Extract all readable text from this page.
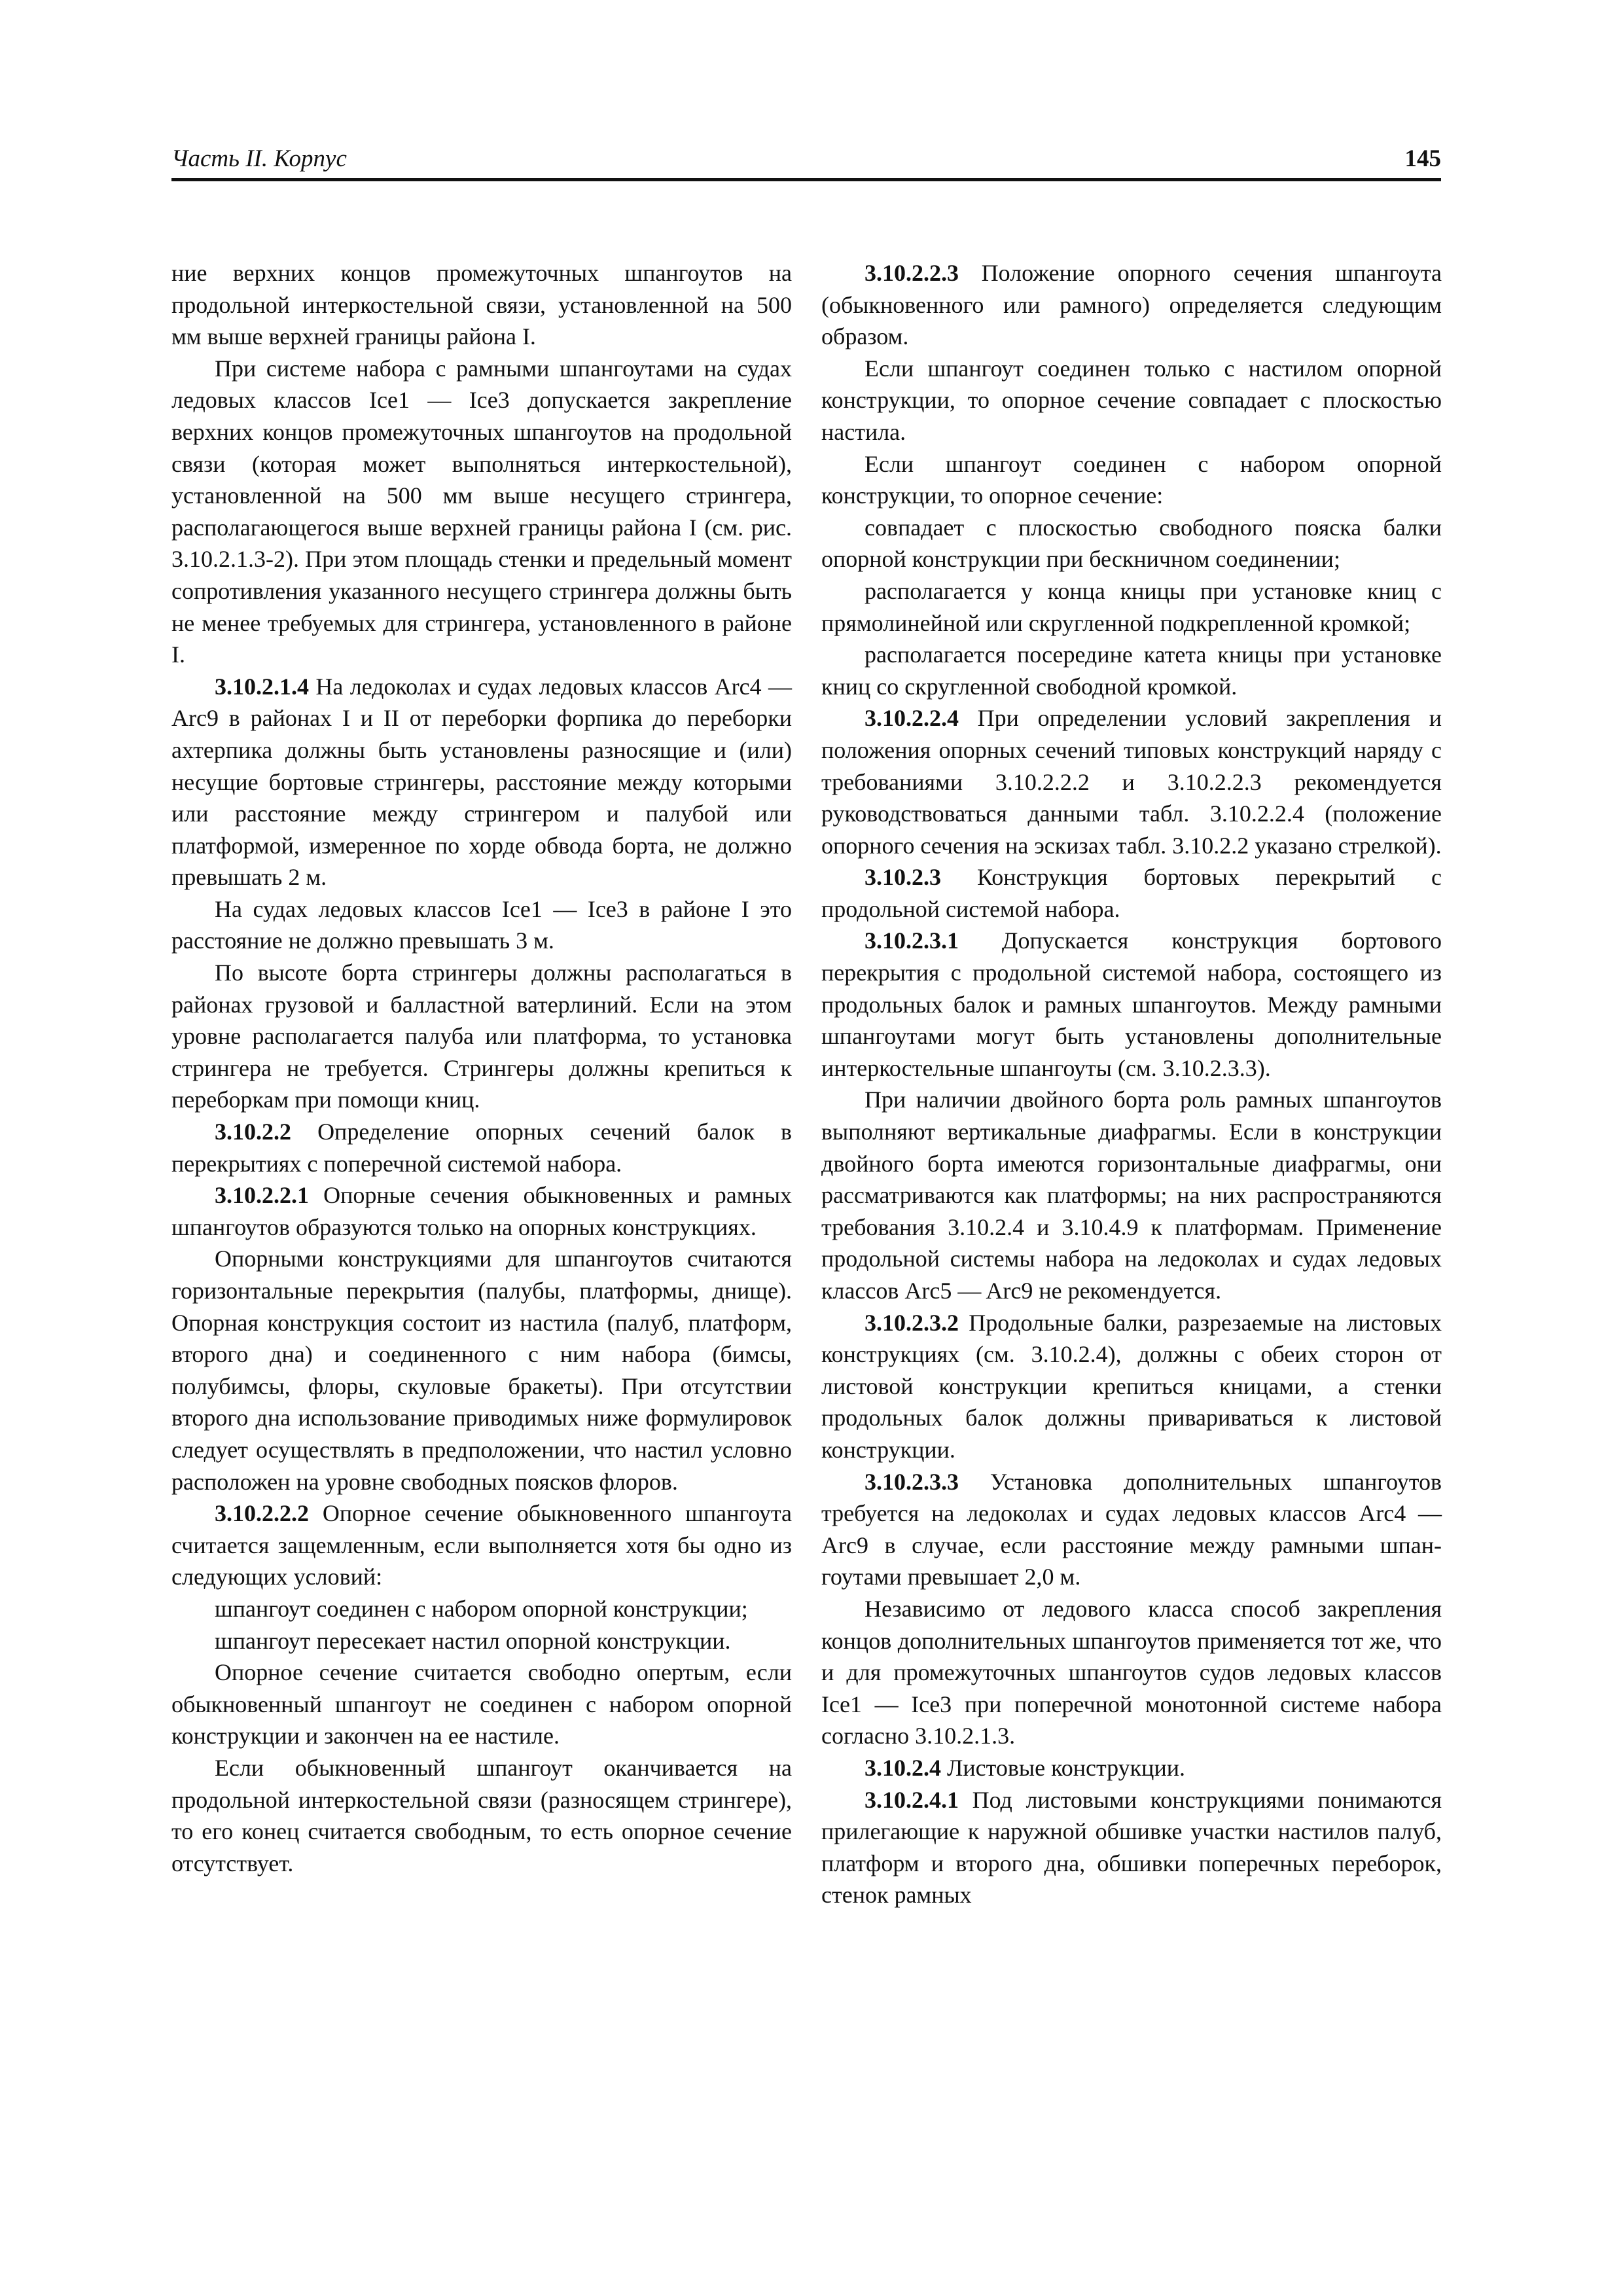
Часть II. Корпус	145

ние верхних концов промежуточных шпангоутов на продольной интеркостельной связи, установленной на 500 мм выше верхней границы района I.

При системе набора с рамными шпангоутами на судах ледовых классов Ice1 — Ice3 допускается закрепление верхних концов промежуточных шпангоутов на продольной связи (которая может выполняться интеркостельной), установленной на 500 мм выше несущего стрингера, располагающегося выше верхней границы района I (см. рис. 3.10.2.1.3-2). При этом площадь стенки и предельный момент сопротивления указанного несущего стрингера должны быть не менее требуемых для стрингера, установленного в районе I.

3.10.2.1.4 На ледоколах и судах ледовых классов Arc4 — Arc9 в районах I и II от переборки форпика до переборки ахтерпика должны быть установлены разносящие и (или) несущие бортовые стрингеры, расстояние между которыми или расстояние между стрингером и палубой или платформой, измеренное по хорде обвода борта, не должно превышать 2 м.

На судах ледовых классов Ice1 — Ice3 в районе I это расстояние не должно превышать 3 м.

По высоте борта стрингеры должны располагаться в районах грузовой и балластной ватерлиний. Если на этом уровне располагается палуба или платформа, то установка стрингера не требуется. Стрингеры должны крепиться к переборкам при помощи книц.

3.10.2.2 Определение опорных сечений балок в перекрытиях с поперечной системой набора.

3.10.2.2.1 Опорные сечения обыкновенных и рамных шпангоутов образуются только на опорных конструкциях.

Опорными конструкциями для шпангоутов считаются горизонтальные перекрытия (палубы, платформы, днище). Опорная конструкция состоит из настила (палуб, платформ, второго дна) и соединенного с ним набора (бимсы, полубимсы, флоры, скуловые бракеты). При отсутствии второго дна использование приводимых ниже формулировок следует осуществлять в предположении, что настил условно расположен на уровне свободных поясков флоров.

3.10.2.2.2 Опорное сечение обыкновенного шпангоута считается защемленным, если выполняется хотя бы одно из следующих условий:

шпангоут соединен с набором опорной конструкции;

шпангоут пересекает настил опорной конструкции.

Опорное сечение считается свободно опертым, если обыкновенный шпангоут не соединен с набором опорной конструкции и закончен на ее настиле.

Если обыкновенный шпангоут оканчивается на продольной интеркостельной связи (разносящем стрингере), то его конец считается свободным, то есть опорное сечение отсутствует.

3.10.2.2.3 Положение опорного сечения шпангоута (обыкновенного или рамного) определяется следующим образом.

Если шпангоут соединен только с настилом опорной конструкции, то опорное сечение совпадает с плоскостью настила.

Если шпангоут соединен с набором опорной конструкции, то опорное сечение:

совпадает с плоскостью свободного пояска балки опорной конструкции при бескничном соединении;

располагается у конца кницы при установке книц с прямолинейной или скругленной подкрепленной кромкой;

располагается посередине катета кницы при установке книц со скругленной свободной кромкой.

3.10.2.2.4 При определении условий закрепления и положения опорных сечений типовых конструкций наряду с требованиями 3.10.2.2.2 и 3.10.2.2.3 рекомендуется руководствоваться данными табл. 3.10.2.2.4 (положение опорного сечения на эскизах табл. 3.10.2.2 указано стрелкой).

3.10.2.3 Конструкция бортовых перекрытий с продольной системой набора.

3.10.2.3.1 Допускается конструкция бортового перекрытия с продольной системой набора, состоящего из продольных балок и рамных шпангоутов. Между рамными шпангоутами могут быть установлены дополнительные интеркостельные шпангоуты (см. 3.10.2.3.3).

При наличии двойного борта роль рамных шпангоутов выполняют вертикальные диафрагмы. Если в конструкции двойного борта имеются горизонтальные диафрагмы, они рассматриваются как платформы; на них распространяются требования 3.10.2.4 и 3.10.4.9 к платформам. Применение продольной системы набора на ледоколах и судах ледовых классов Arc5 — Arc9 не рекомендуется.

3.10.2.3.2 Продольные балки, разрезаемые на листовых конструкциях (см. 3.10.2.4), должны с обеих сторон от листовой конструкции крепиться кницами, а стенки продольных балок должны привариваться к листовой конструкции.

3.10.2.3.3 Установка дополнительных шпангоутов требуется на ледоколах и судах ледовых классов Arc4 — Arc9 в случае, если расстояние между рамными шпан-гоутами превышает 2,0 м.

Независимо от ледового класса способ закрепления концов дополнительных шпангоутов применяется тот же, что и для промежуточных шпангоутов судов ледовых классов Ice1 — Ice3 при поперечной монотонной системе набора согласно 3.10.2.1.3.

3.10.2.4 Листовые конструкции.

3.10.2.4.1 Под листовыми конструкциями понимаются прилегающие к наружной обшивке участки настилов палуб, платформ и второго дна, обшивки поперечных переборок, стенок рамных
